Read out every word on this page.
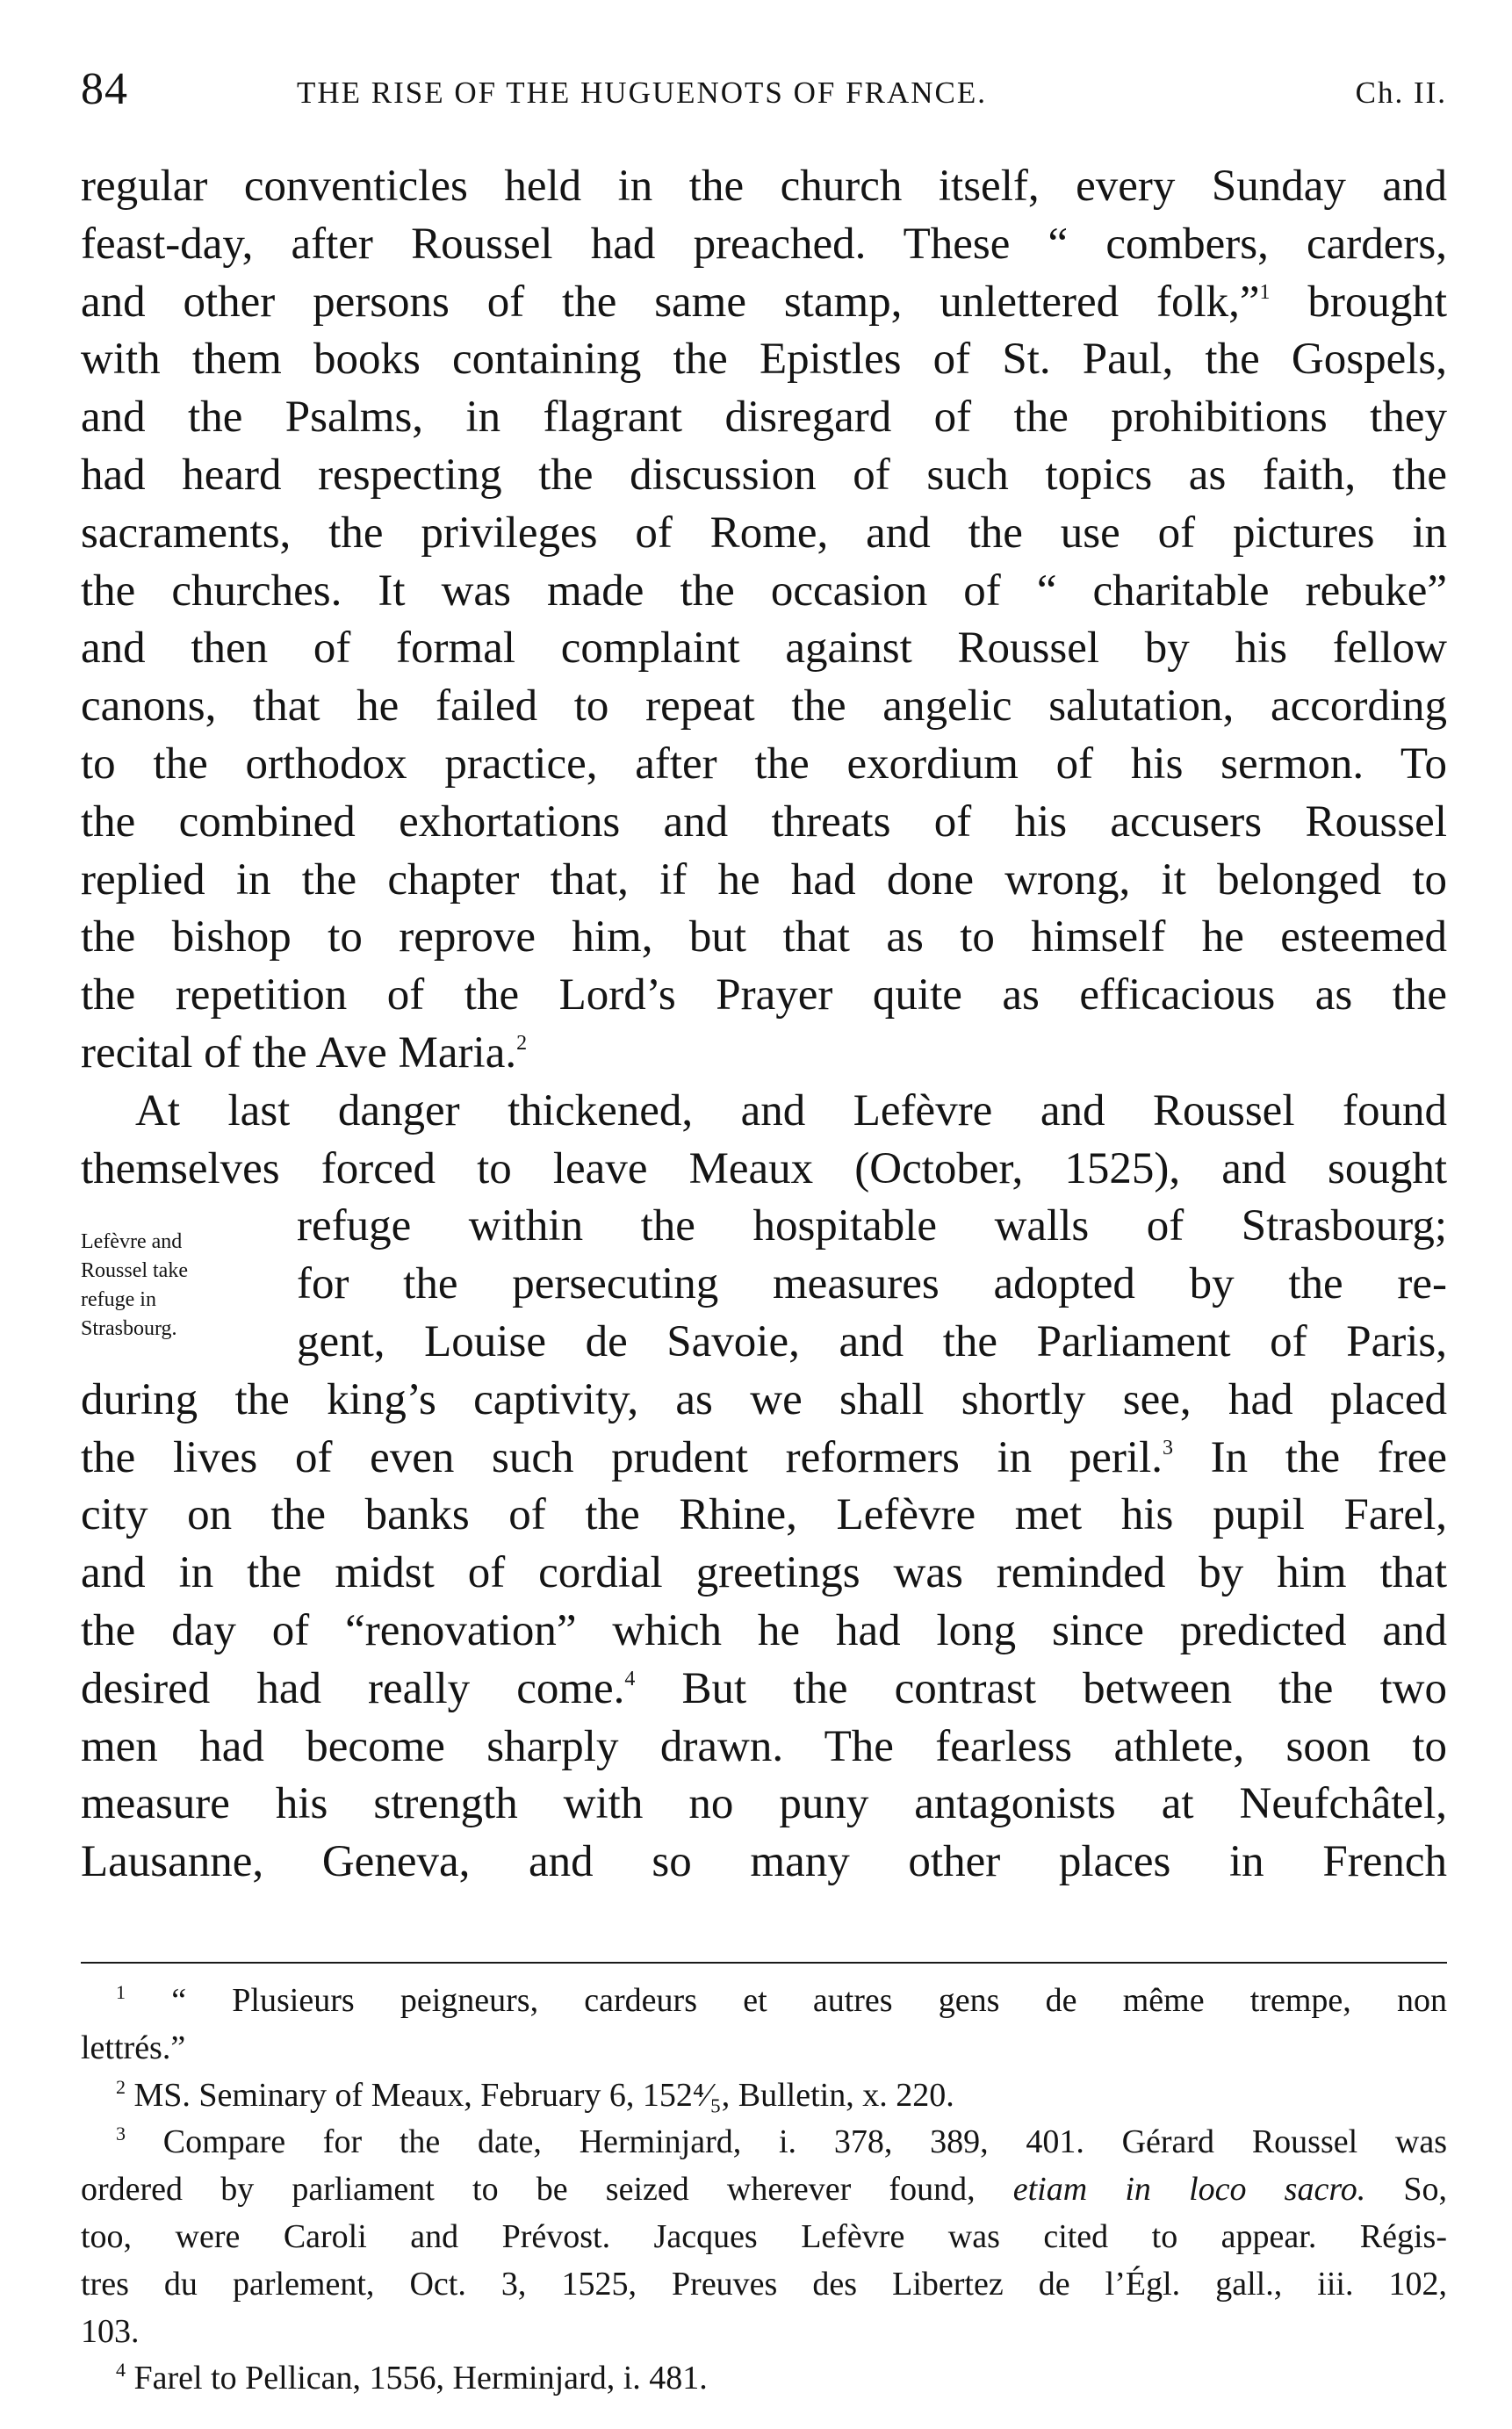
84	THE RISE OF THE HUGUENOTS OF FRANCE.	Ch. II.
regular conventicles held in the church itself, every Sunday and
feast-day, after Roussel had preached. These “ combers, carders,
and other persons of the same stamp, unlettered folk,”$^1$ brought
with them books containing the Epistles of St. Paul, the Gospels,
and the Psalms, in flagrant disregard of the prohibitions they
had heard respecting the discussion of such topics as faith, the
sacraments, the privileges of Rome, and the use of pictures in
the churches. It was made the occasion of “ charitable rebuke”
and then of formal complaint against Roussel by his fellow
canons, that he failed to repeat the angelic salutation, according
to the orthodox practice, after the exordium of his sermon. To
the combined exhortations and threats of his accusers Roussel
replied in the chapter that, if he had done wrong, it belonged to
the bishop to reprove him, but that as to himself he esteemed
the repetition of the Lord’s Prayer quite as efficacious as the
recital of the Ave Maria.$^2$
At last danger thickened, and Lefèvre and Roussel found
themselves forced to leave Meaux (October, 1525), and sought
refuge within the hospitable walls of Strasbourg;
for the persecuting measures adopted by the re-
gent, Louise de Savoie, and the Parliament of Paris,
during the king’s captivity, as we shall shortly see, had placed
the lives of even such prudent reformers in peril.$^3$ In the free
city on the banks of the Rhine, Lefèvre met his pupil Farel,
and in the midst of cordial greetings was reminded by him that
the day of “renovation” which he had long since predicted and
desired had really come.$^4$ But the contrast between the two
men had become sharply drawn. The fearless athlete, soon to
measure his strength with no puny antagonists at Neufchâtel,
Lausanne, Geneva, and so many other places in French
Lefèvre and
Roussel take
refuge in
Strasbourg.
$^1$ “ Plusieurs peigneurs, cardeurs et autres gens de même trempe, non
lettrés.”
$^2$ MS. Seminary of Meaux, February 6, 152⁴⁄₅, Bulletin, x. 220.
$^3$ Compare for the date, Herminjard, i. 378, 389, 401. Gérard Roussel was
ordered by parliament to be seized wherever found, etiam in loco sacro. So,
too, were Caroli and Prévost. Jacques Lefèvre was cited to appear. Régis-
tres du parlement, Oct. 3, 1525, Preuves des Libertez de l’Égl. gall., iii. 102,
103.
$^4$ Farel to Pellican, 1556, Herminjard, i. 481.
